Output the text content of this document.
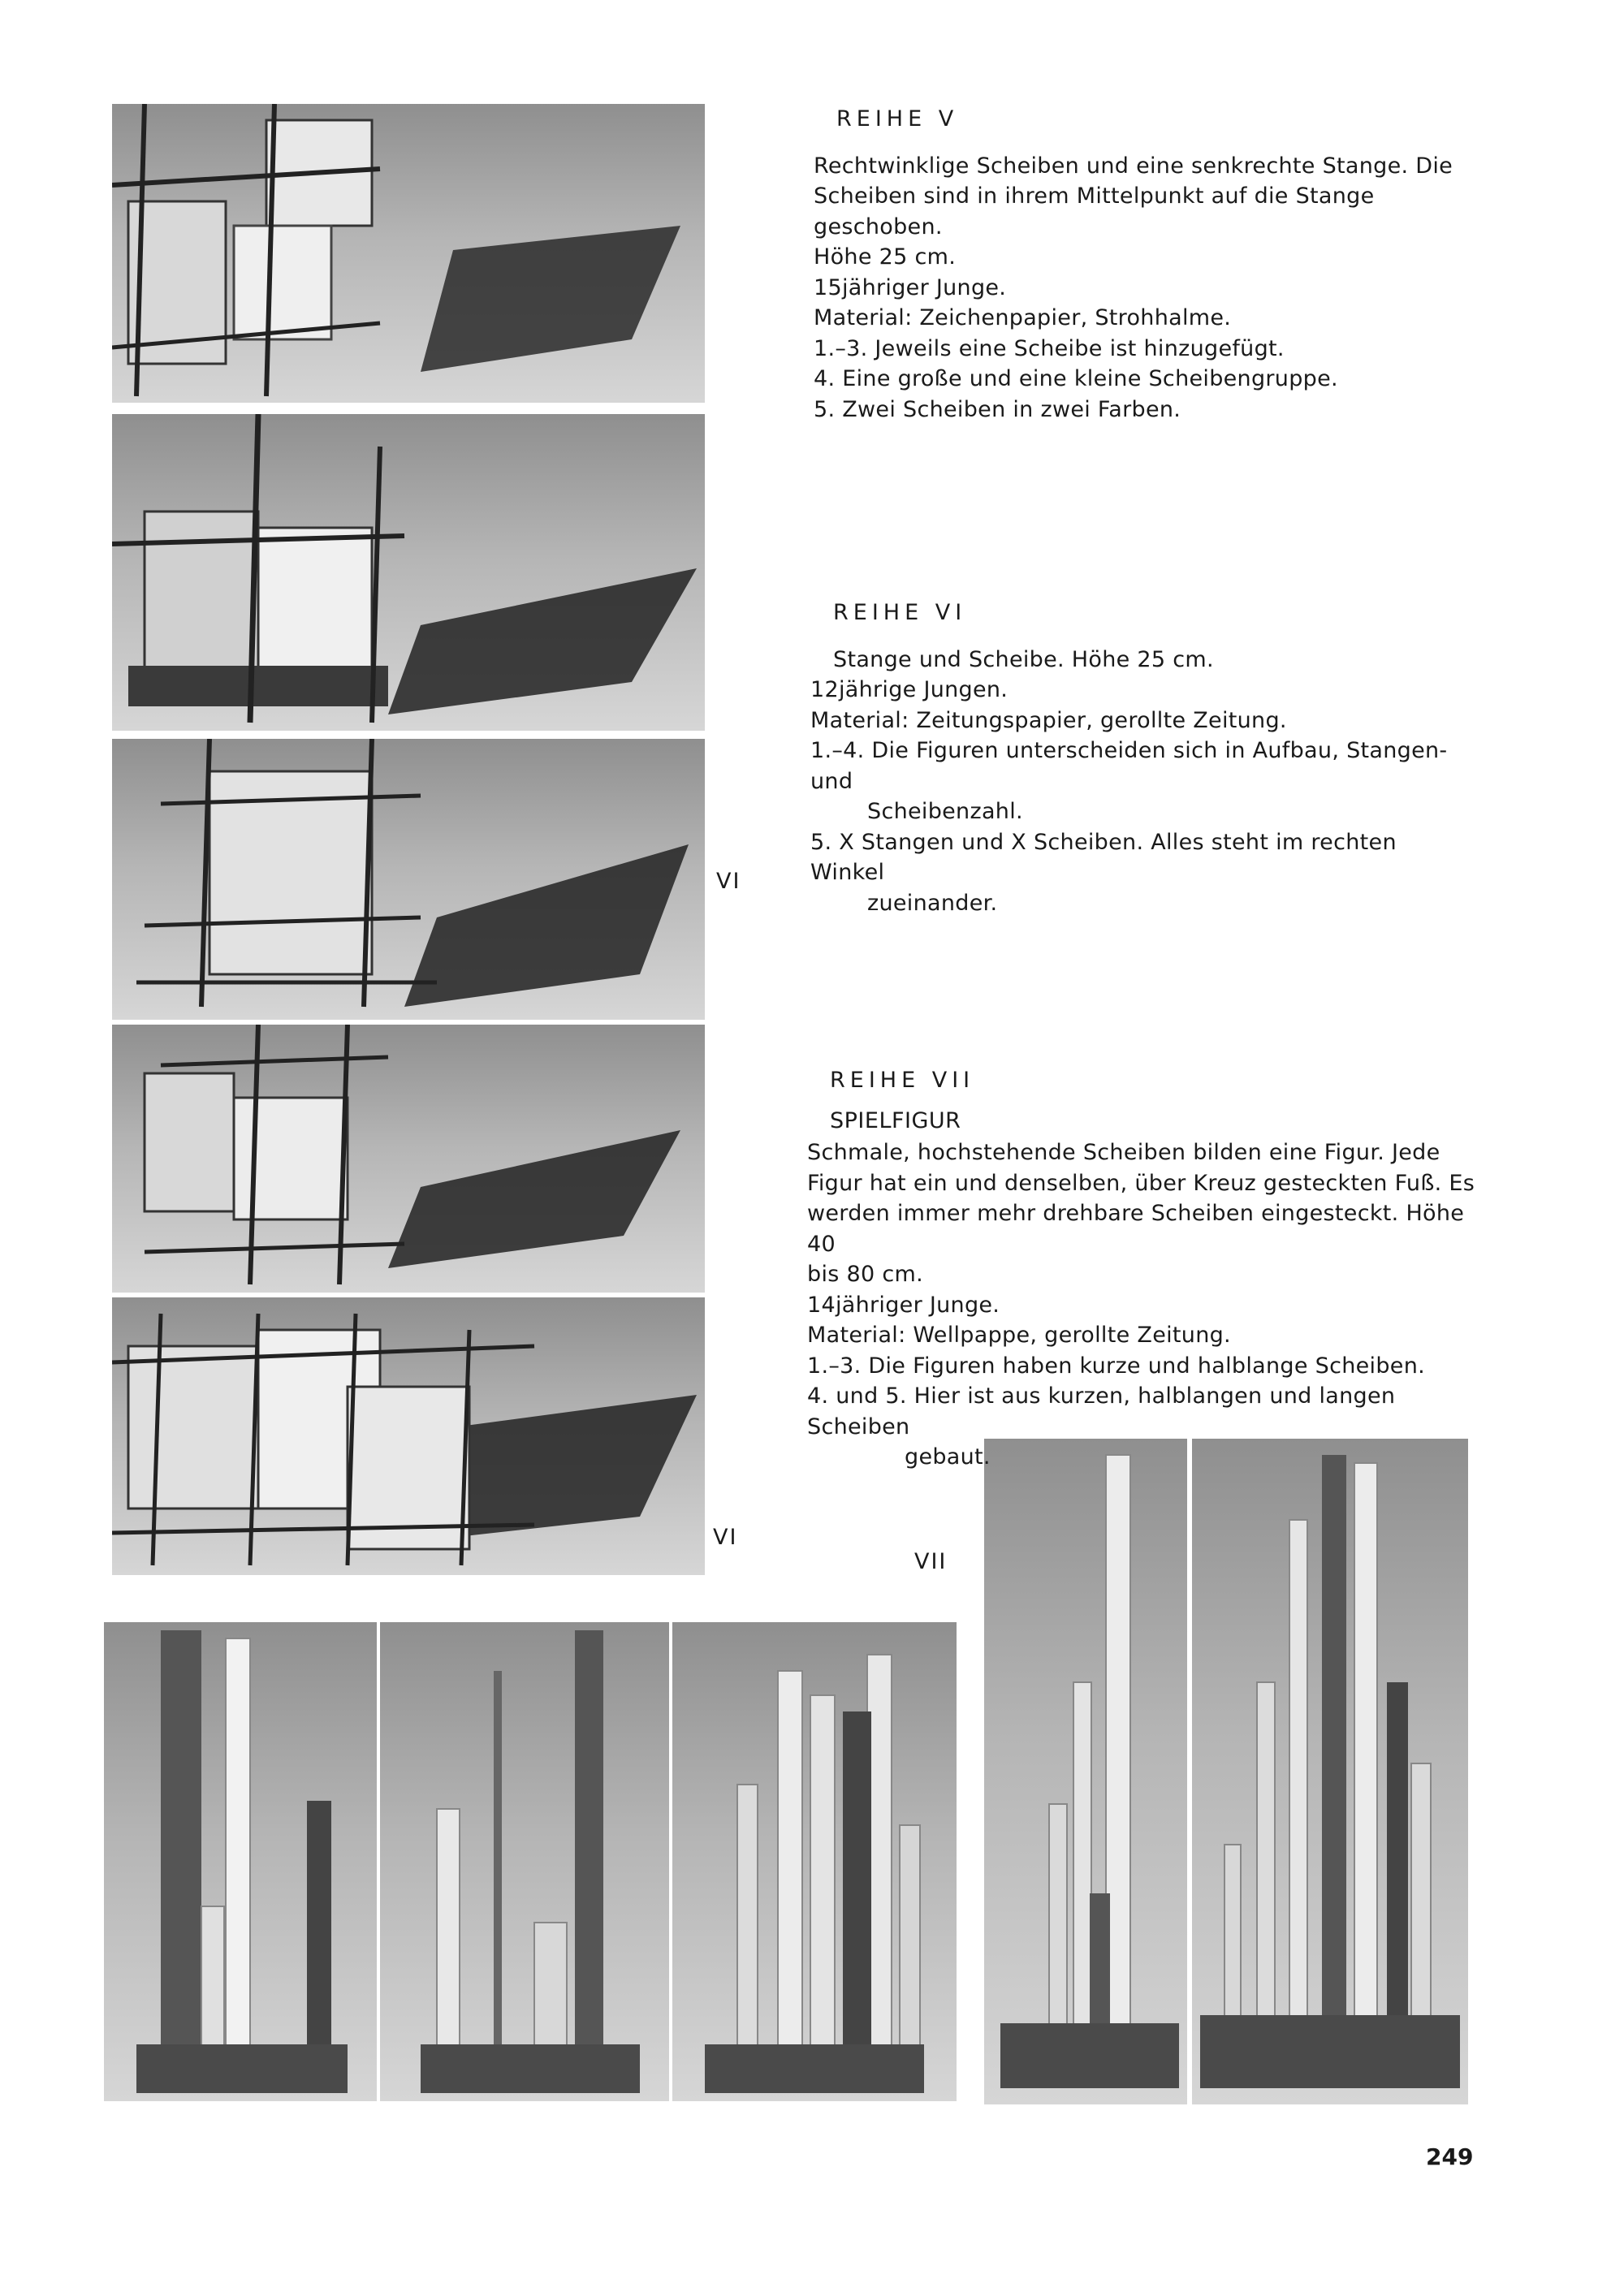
REIHE V
Rechtwinklige Scheiben und eine senkrechte Stange. Die
Scheiben sind in ihrem Mittelpunkt auf die Stange geschoben.
Höhe 25 cm.
15jähriger Junge.
Material: Zeichenpapier, Strohhalme.
1.–3. Jeweils eine Scheibe ist hinzugefügt.
4. Eine große und eine kleine Scheibengruppe.
5. Zwei Scheiben in zwei Farben.
REIHE VI
Stange und Scheibe. Höhe 25 cm.
12jährige Jungen.
Material: Zeitungspapier, gerollte Zeitung.
1.–4. Die Figuren unterscheiden sich in Aufbau, Stangen- und
Scheibenzahl.
5. X Stangen und X Scheiben. Alles steht im rechten Winkel
zueinander.
REIHE VII
SPIELFIGUR
Schmale, hochstehende Scheiben bilden eine Figur. Jede
Figur hat ein und denselben, über Kreuz gesteckten Fuß. Es
werden immer mehr drehbare Scheiben eingesteckt. Höhe 40
bis 80 cm.
14jähriger Junge.
Material: Wellpappe, gerollte Zeitung.
1.–3. Die Figuren haben kurze und halblange Scheiben.
4. und 5. Hier ist aus kurzen, halblangen und langen Scheiben
gebaut.
VI
VI
VII
249
